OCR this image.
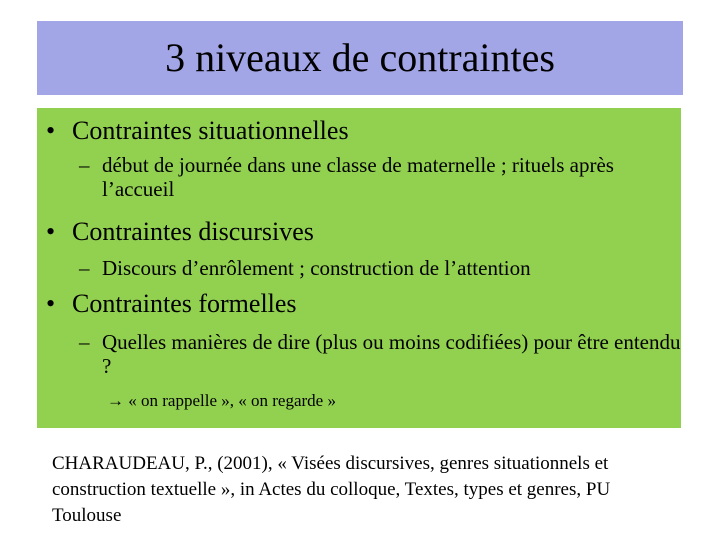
3 niveaux de contraintes
• Contraintes situationnelles
– début de journée dans une classe de maternelle ; rituels après l’accueil
• Contraintes discursives
– Discours d’enrôlement ; construction de l’attention
• Contraintes formelles
– Quelles manières de dire (plus ou moins codifiées) pour être entendu ?
→ « on rappelle », « on regarde »
CHARAUDEAU, P., (2001), « Visées discursives, genres situationnels et construction textuelle », in Actes du colloque, Textes, types et genres, PU Toulouse
